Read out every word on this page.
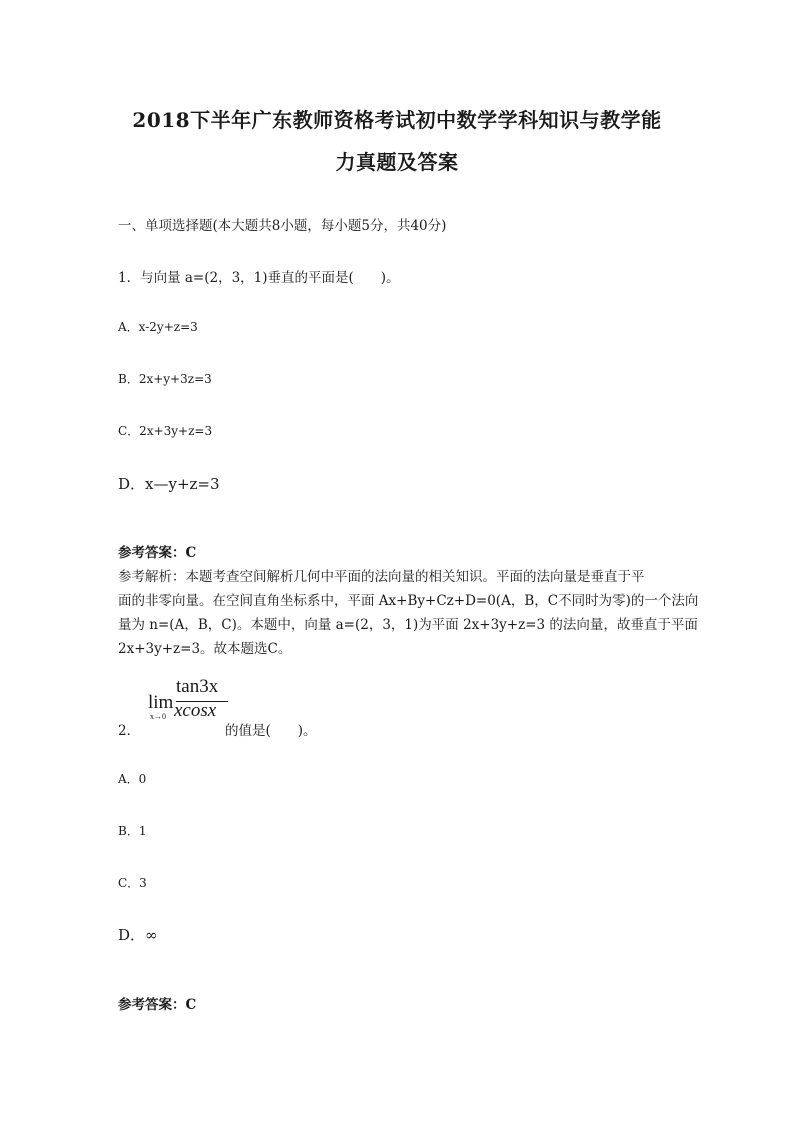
2018下半年广东教师资格考试初中数学学科知识与教学能
力真题及答案
一、单项选择题(本大题共8小题，每小题5分，共40分)
1．与向量 a=(2，3，1)垂直的平面是(　　)。
A．x-2y+z=3
B．2x+y+3z=3
C．2x+3y+z=3
D．x—y+z=3
参考答案：C
参考解析：本题考查空间解析几何中平面的法向量的相关知识。平面的法向量是垂直于平
面的非零向量。在空间直角坐标系中，平面 Ax+By+Cz+D=0(A，B，C不同时为零)的一个法向
量为 n=(A，B，C)。本题中，向量 a=(2，3，1)为平面 2x+3y+z=3 的法向量，故垂直于平面
2x+3y+z=3。故本题选C。
2．
lim
x→0
tan3x
xcosx
的值是(　　)。
A．0
B．1
C．3
D．∞
参考答案：C
